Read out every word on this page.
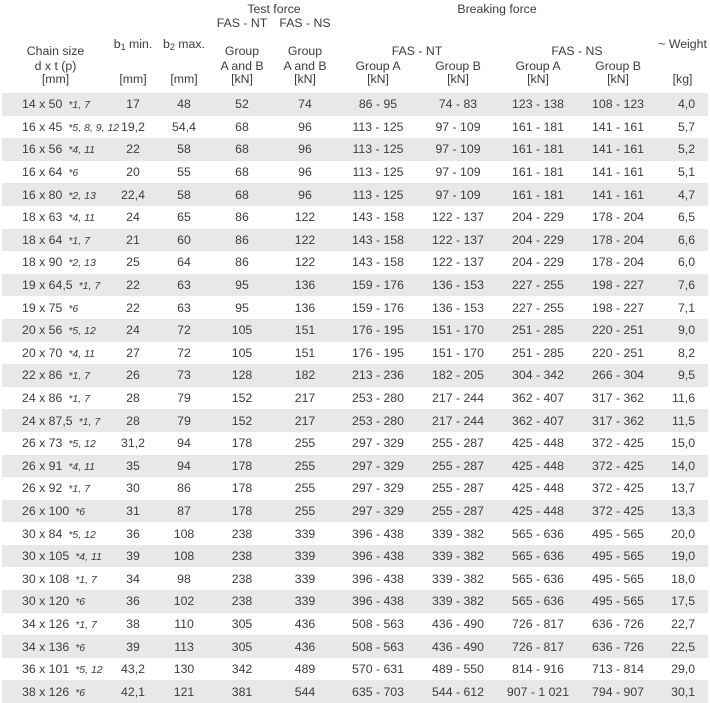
			Test force		Breaking force				
			FAS - NT	FAS - NS					

Chain size	$b_1$ min.	$b_2$ max.	Group	Group	FAS - NT		FAS - NS		~ Weight
d x t (p)			A and B	A and B	Group A	Group B	Group A	Group B	
[mm]	[mm]	[mm]	[kN]	[kN]	[kN]	[kN]	[kN]	[kN]	[kg]
14 x 50 *1, 7	17	48	52	74	86 - 95	74 - 83	123 - 138	108 - 123	4,0
16 x 45 *5, 8, 9, 12	19,2	54,4	68	96	113 - 125	97 - 109	161 - 181	141 - 161	5,7
16 x 56 *4, 11	22	58	68	96	113 - 125	97 - 109	161 - 181	141 - 161	5,2
16 x 64 *6	20	55	68	96	113 - 125	97 - 109	161 - 181	141 - 161	5,1
16 x 80 *2, 13	22,4	58	68	96	113 - 125	97 - 109	161 - 181	141 - 161	4,7
18 x 63 *4, 11	24	65	86	122	143 - 158	122 - 137	204 - 229	178 - 204	6,5
18 x 64 *1, 7	21	60	86	122	143 - 158	122 - 137	204 - 229	178 - 204	6,6
18 x 90 *2, 13	25	64	86	122	143 - 158	122 - 137	204 - 229	178 - 204	6,0
19 x 64,5 *1, 7	22	63	95	136	159 - 176	136 - 153	227 - 255	198 - 227	7,6
19 x 75 *6	22	63	95	136	159 - 176	136 - 153	227 - 255	198 - 227	7,1
20 x 56 *5, 12	24	72	105	151	176 - 195	151 - 170	251 - 285	220 - 251	9,0
20 x 70 *4, 11	27	72	105	151	176 - 195	151 - 170	251 - 285	220 - 251	8,2
22 x 86 *1, 7	26	73	128	182	213 - 236	182 - 205	304 - 342	266 - 304	9,5
24 x 86 *1, 7	28	79	152	217	253 - 280	217 - 244	362 - 407	317 - 362	11,6
24 x 87,5 *1, 7	28	79	152	217	253 - 280	217 - 244	362 - 407	317 - 362	11,5
26 x 73 *5, 12	31,2	94	178	255	297 - 329	255 - 287	425 - 448	372 - 425	15,0
26 x 91 *4, 11	35	94	178	255	297 - 329	255 - 287	425 - 448	372 - 425	14,0
26 x 92 *1, 7	30	86	178	255	297 - 329	255 - 287	425 - 448	372 - 425	13,7
26 x 100 *6	31	87	178	255	297 - 329	255 - 287	425 - 448	372 - 425	13,3
30 x 84 *5, 12	36	108	238	339	396 - 438	339 - 382	565 - 636	495 - 565	20,0
30 x 105 *4, 11	39	108	238	339	396 - 438	339 - 382	565 - 636	495 - 565	19,0
30 x 108 *1, 7	34	98	238	339	396 - 438	339 - 382	565 - 636	495 - 565	18,0
30 x 120 *6	36	102	238	339	396 - 438	339 - 382	565 - 636	495 - 565	17,5
34 x 126 *1, 7	38	110	305	436	508 - 563	436 - 490	726 - 817	636 - 726	22,7
34 x 136 *6	39	113	305	436	508 - 563	436 - 490	726 - 817	636 - 726	22,5
36 x 101 *5, 12	43,2	130	342	489	570 - 631	489 - 550	814 - 916	713 - 814	29,0
38 x 126 *6	42,1	121	381	544	635 - 703	544 - 612	907 - 1 021	794 - 907	30,1
